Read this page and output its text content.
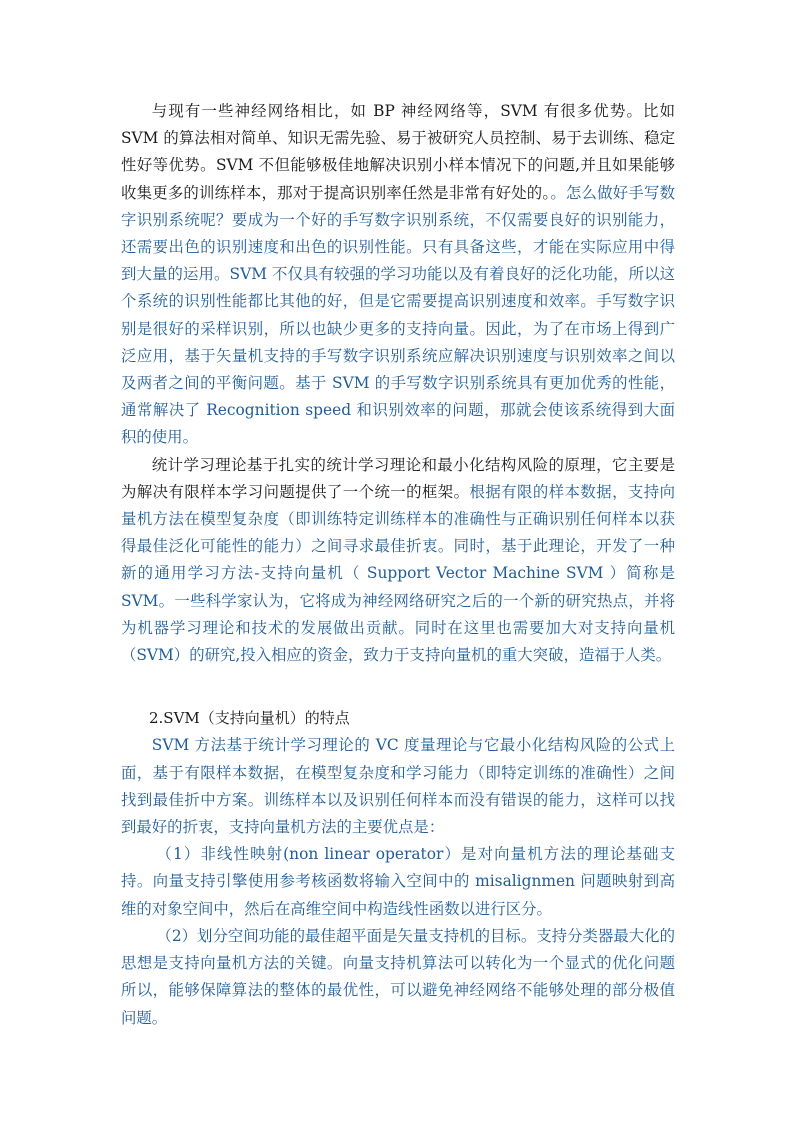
与现有一些神经网络相比，如 BP 神经网络等，SVM 有很多优势。比如 SVM 的算法相对简单、知识无需先验、易于被研究人员控制、易于去训练、稳定性好等优势。SVM 不但能够极佳地解决识别小样本情况下的问题,并且如果能够收集更多的训练样本，那对于提高识别率任然是非常有好处的。。怎么做好手写数字识别系统呢？要成为一个好的手写数字识别系统，不仅需要良好的识别能力，还需要出色的识别速度和出色的识别性能。只有具备这些，才能在实际应用中得到大量的运用。SVM 不仅具有较强的学习功能以及有着良好的泛化功能，所以这个系统的识别性能都比其他的好，但是它需要提高识别速度和效率。手写数字识别是很好的采样识别，所以也缺少更多的支持向量。因此，为了在市场上得到广泛应用，基于矢量机支持的手写数字识别系统应解决识别速度与识别效率之间以及两者之间的平衡问题。基于 SVM 的手写数字识别系统具有更加优秀的性能，通常解决了 Recognition speed 和识别效率的问题，那就会使该系统得到大面积的使用。

统计学习理论基于扎实的统计学习理论和最小化结构风险的原理，它主要是为解决有限样本学习问题提供了一个统一的框架。根据有限的样本数据，支持向量机方法在模型复杂度（即训练特定训练样本的准确性与正确识别任何样本以获得最佳泛化可能性的能力）之间寻求最佳折衷。同时，基于此理论，开发了一种新的通用学习方法-支持向量机（ Support Vector Machine SVM ）简称是 SVM。一些科学家认为，它将成为神经网络研究之后的一个新的研究热点，并将为机器学习理论和技术的发展做出贡献。同时在这里也需要加大对支持向量机（SVM）的研究,投入相应的资金，致力于支持向量机的重大突破，造福于人类。

2.SVM（支持向量机）的特点

SVM 方法基于统计学习理论的 VC 度量理论与它最小化结构风险的公式上面，基于有限样本数据，在模型复杂度和学习能力（即特定训练的准确性）之间找到最佳折中方案。训练样本以及识别任何样本而没有错误的能力，这样可以找到最好的折衷，支持向量机方法的主要优点是：

（1）非线性映射(non linear operator）是对向量机方法的理论基础支持。向量支持引擎使用参考核函数将输入空间中的 misalignmen 问题映射到高维的对象空间中，然后在高维空间中构造线性函数以进行区分。

（2）划分空间功能的最佳超平面是矢量支持机的目标。支持分类器最大化的思想是支持向量机方法的关键。向量支持机算法可以转化为一个显式的优化问题 所以，能够保障算法的整体的最优性，可以避免神经网络不能够处理的部分极值问题。
